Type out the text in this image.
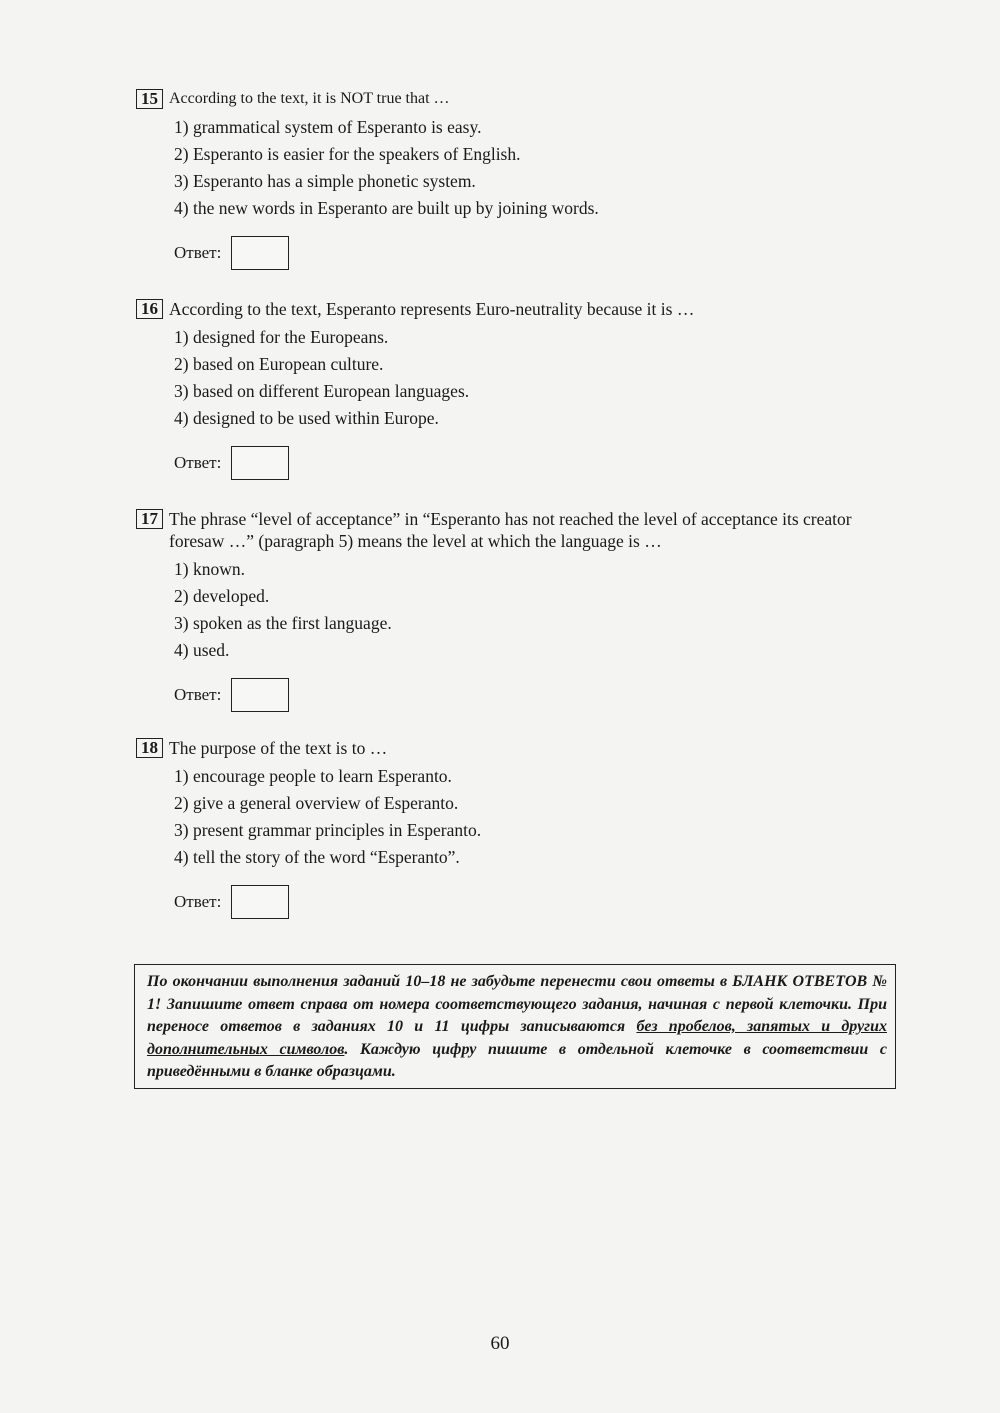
15 According to the text, it is NOT true that …
1) grammatical system of Esperanto is easy.
2) Esperanto is easier for the speakers of English.
3) Esperanto has a simple phonetic system.
4) the new words in Esperanto are built up by joining words.
Ответ:
16 According to the text, Esperanto represents Euro-neutrality because it is …
1) designed for the Europeans.
2) based on European culture.
3) based on different European languages.
4) designed to be used within Europe.
Ответ:
17 The phrase “level of acceptance” in “Esperanto has not reached the level of acceptance its creator foresaw …” (paragraph 5) means the level at which the language is …
1) known.
2) developed.
3) spoken as the first language.
4) used.
Ответ:
18 The purpose of the text is to …
1) encourage people to learn Esperanto.
2) give a general overview of Esperanto.
3) present grammar principles in Esperanto.
4) tell the story of the word “Esperanto”.
Ответ:
По окончании выполнения заданий 10–18 не забудьте перенести свои ответы в БЛАНК ОТВЕТОВ № 1! Запишите ответ справа от номера соответствующего задания, начиная с первой клеточки. При переносе ответов в заданиях 10 и 11 цифры записываются без пробелов, запятых и других дополнительных символов. Каждую цифру пишите в отдельной клеточке в соответствии с приведёнными в бланке образцами.
60
